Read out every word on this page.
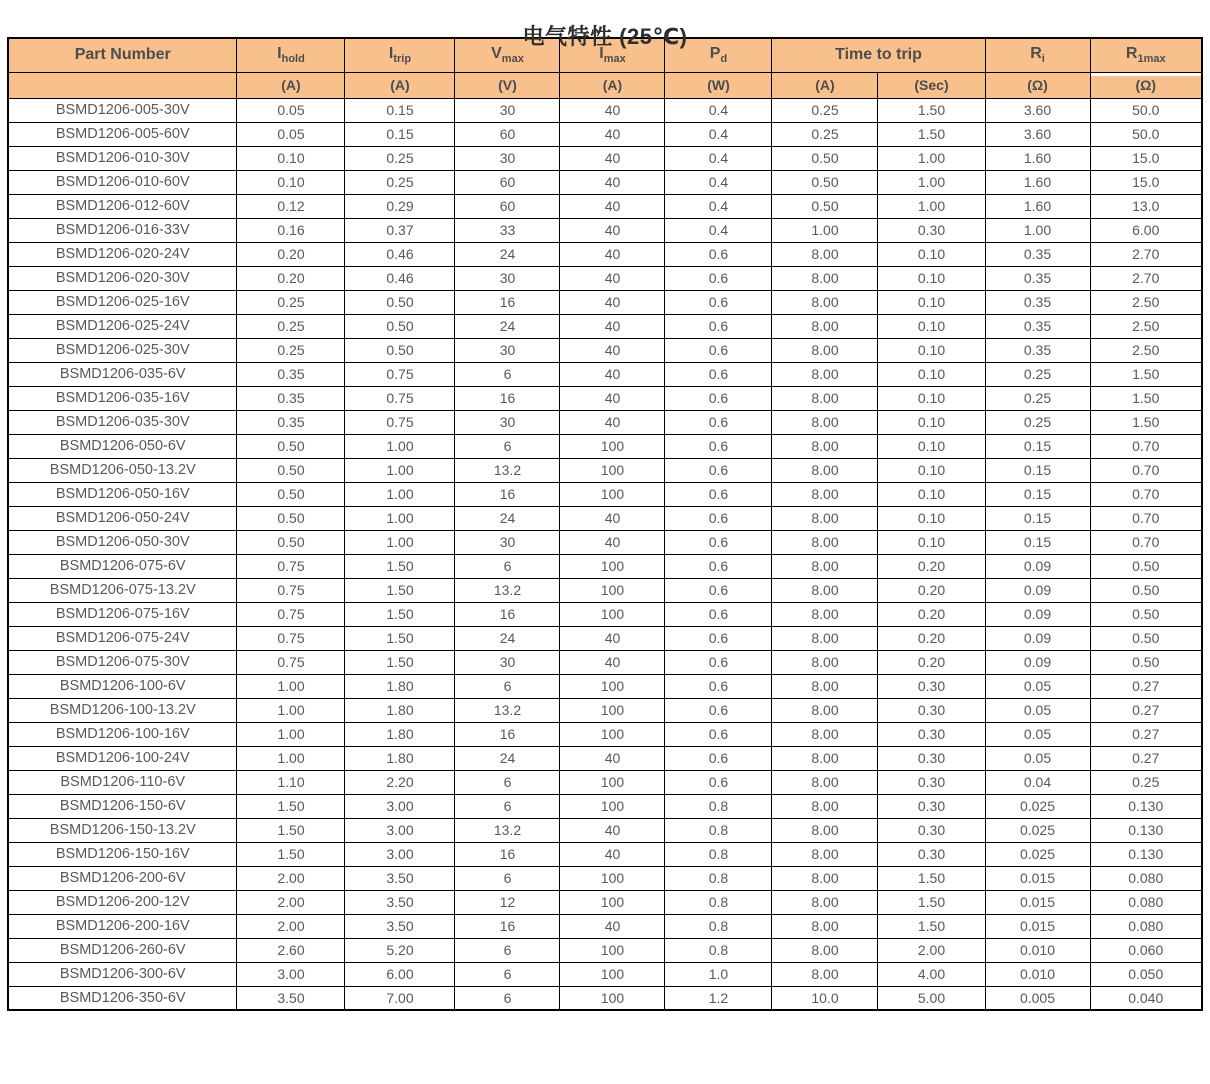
电气特性 (25℃)
Part Number	$I_{hold}$	$I_{trip}$	$V_{max}$	$I_{max}$	$P_d$	Time to trip		$R_i$	$R_{1max}$
	(A)	(A)	(V)	(A)	(W)	(A)	(Sec)	(Ω)	(Ω)
BSMD1206-005-30V	0.05	0.15	30	40	0.4	0.25	1.50	3.60	50.0
BSMD1206-005-60V	0.05	0.15	60	40	0.4	0.25	1.50	3.60	50.0
BSMD1206-010-30V	0.10	0.25	30	40	0.4	0.50	1.00	1.60	15.0
BSMD1206-010-60V	0.10	0.25	60	40	0.4	0.50	1.00	1.60	15.0
BSMD1206-012-60V	0.12	0.29	60	40	0.4	0.50	1.00	1.60	13.0
BSMD1206-016-33V	0.16	0.37	33	40	0.4	1.00	0.30	1.00	6.00
BSMD1206-020-24V	0.20	0.46	24	40	0.6	8.00	0.10	0.35	2.70
BSMD1206-020-30V	0.20	0.46	30	40	0.6	8.00	0.10	0.35	2.70
BSMD1206-025-16V	0.25	0.50	16	40	0.6	8.00	0.10	0.35	2.50
BSMD1206-025-24V	0.25	0.50	24	40	0.6	8.00	0.10	0.35	2.50
BSMD1206-025-30V	0.25	0.50	30	40	0.6	8.00	0.10	0.35	2.50
BSMD1206-035-6V	0.35	0.75	6	40	0.6	8.00	0.10	0.25	1.50
BSMD1206-035-16V	0.35	0.75	16	40	0.6	8.00	0.10	0.25	1.50
BSMD1206-035-30V	0.35	0.75	30	40	0.6	8.00	0.10	0.25	1.50
BSMD1206-050-6V	0.50	1.00	6	100	0.6	8.00	0.10	0.15	0.70
BSMD1206-050-13.2V	0.50	1.00	13.2	100	0.6	8.00	0.10	0.15	0.70
BSMD1206-050-16V	0.50	1.00	16	100	0.6	8.00	0.10	0.15	0.70
BSMD1206-050-24V	0.50	1.00	24	40	0.6	8.00	0.10	0.15	0.70
BSMD1206-050-30V	0.50	1.00	30	40	0.6	8.00	0.10	0.15	0.70
BSMD1206-075-6V	0.75	1.50	6	100	0.6	8.00	0.20	0.09	0.50
BSMD1206-075-13.2V	0.75	1.50	13.2	100	0.6	8.00	0.20	0.09	0.50
BSMD1206-075-16V	0.75	1.50	16	100	0.6	8.00	0.20	0.09	0.50
BSMD1206-075-24V	0.75	1.50	24	40	0.6	8.00	0.20	0.09	0.50
BSMD1206-075-30V	0.75	1.50	30	40	0.6	8.00	0.20	0.09	0.50
BSMD1206-100-6V	1.00	1.80	6	100	0.6	8.00	0.30	0.05	0.27
BSMD1206-100-13.2V	1.00	1.80	13.2	100	0.6	8.00	0.30	0.05	0.27
BSMD1206-100-16V	1.00	1.80	16	100	0.6	8.00	0.30	0.05	0.27
BSMD1206-100-24V	1.00	1.80	24	40	0.6	8.00	0.30	0.05	0.27
BSMD1206-110-6V	1.10	2.20	6	100	0.6	8.00	0.30	0.04	0.25
BSMD1206-150-6V	1.50	3.00	6	100	0.8	8.00	0.30	0.025	0.130
BSMD1206-150-13.2V	1.50	3.00	13.2	40	0.8	8.00	0.30	0.025	0.130
BSMD1206-150-16V	1.50	3.00	16	40	0.8	8.00	0.30	0.025	0.130
BSMD1206-200-6V	2.00	3.50	6	100	0.8	8.00	1.50	0.015	0.080
BSMD1206-200-12V	2.00	3.50	12	100	0.8	8.00	1.50	0.015	0.080
BSMD1206-200-16V	2.00	3.50	16	40	0.8	8.00	1.50	0.015	0.080
BSMD1206-260-6V	2.60	5.20	6	100	0.8	8.00	2.00	0.010	0.060
BSMD1206-300-6V	3.00	6.00	6	100	1.0	8.00	4.00	0.010	0.050
BSMD1206-350-6V	3.50	7.00	6	100	1.2	10.0	5.00	0.005	0.040
